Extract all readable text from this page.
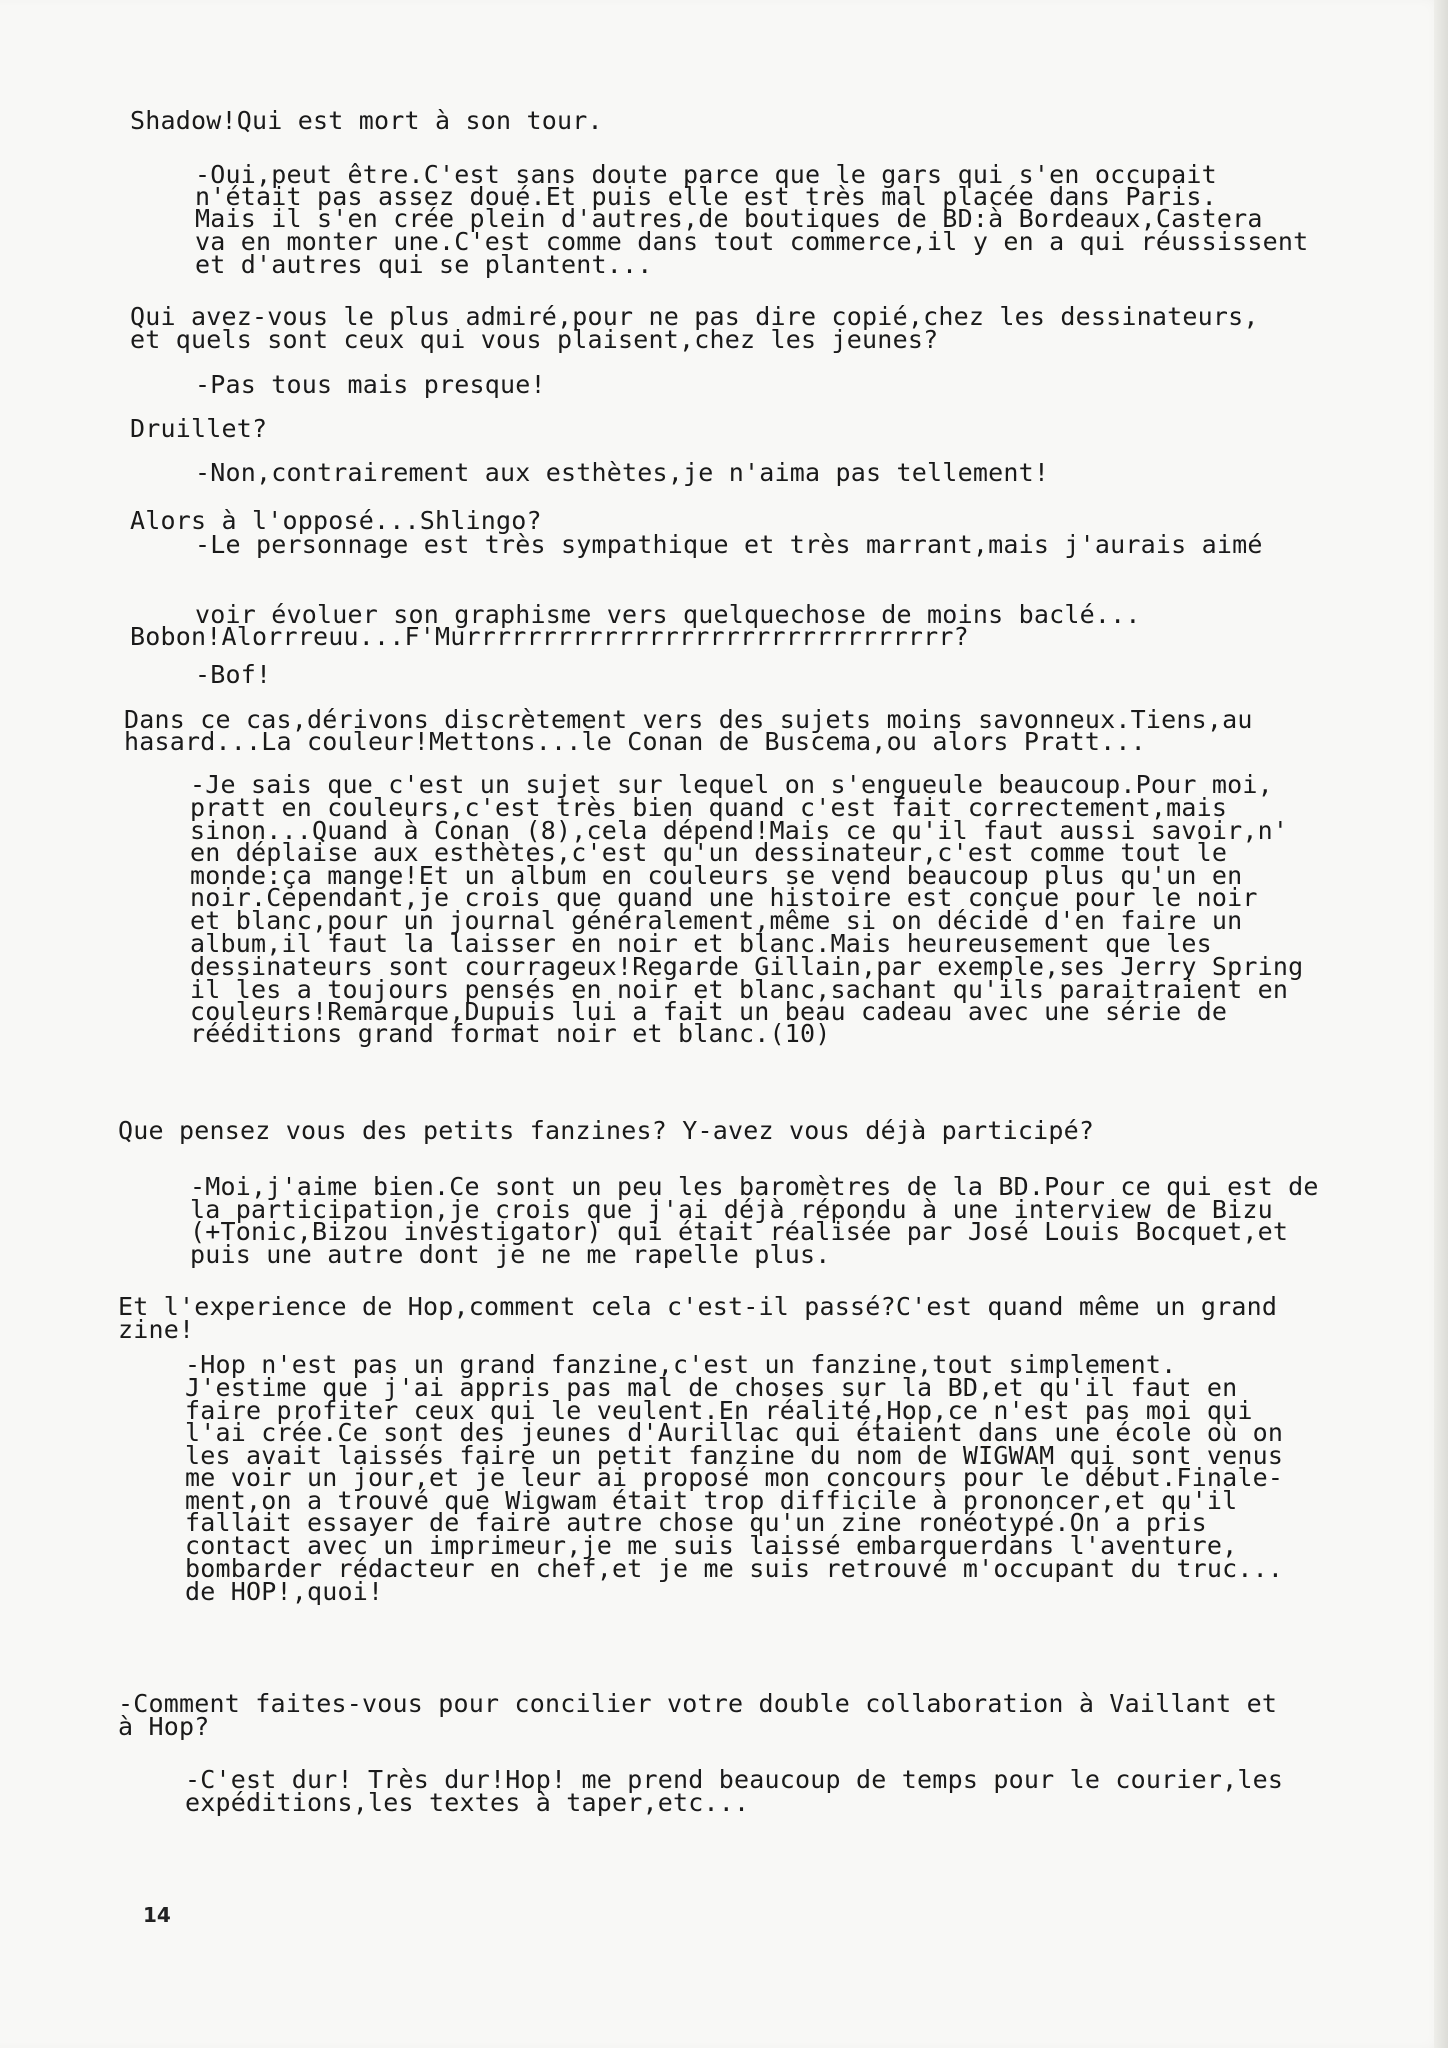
Shadow!Qui est mort à son tour.
-Oui,peut être.C'est sans doute parce que le gars qui s'en occupait
n'était pas assez doué.Et puis elle est très mal placée dans Paris.
Mais il s'en crée plein d'autres,de boutiques de BD:à Bordeaux,Castera
va en monter une.C'est comme dans tout commerce,il y en a qui réussissent
et d'autres qui se plantent...
Qui avez-vous le plus admiré,pour ne pas dire copié,chez les dessinateurs,
et quels sont ceux qui vous plaisent,chez les jeunes?
-Pas tous mais presque!
Druillet?
-Non,contrairement aux esthètes,je n'aima pas tellement!
Alors à l'opposé...Shlingo?
-Le personnage est très sympathique et très marrant,mais j'aurais aimé
voir évoluer son graphisme vers quelquechose de moins baclé...
Bobon!Alorrreuu...F'Murrrrrrrrrrrrrrrrrrrrrrrrrrrrrrrr?
-Bof!
Dans ce cas,dérivons discrètement vers des sujets moins savonneux.Tiens,au
hasard...La couleur!Mettons...le Conan de Buscema,ou alors Pratt...
-Je sais que c'est un sujet sur lequel on s'engueule beaucoup.Pour moi,
pratt en couleurs,c'est très bien quand c'est fait correctement,mais
sinon...Quand à Conan (8),cela dépend!Mais ce qu'il faut aussi savoir,n'
en déplaise aux esthètes,c'est qu'un dessinateur,c'est comme tout le
monde:ça mange!Et un album en couleurs se vend beaucoup plus qu'un en
noir.Cependant,je crois que quand une histoire est conçue pour le noir
et blanc,pour un journal généralement,même si on décide d'en faire un
album,il faut la laisser en noir et blanc.Mais heureusement que les
dessinateurs sont courrageux!Regarde Gillain,par exemple,ses Jerry Spring
il les a toujours pensés en noir et blanc,sachant qu'ils paraitraient en
couleurs!Remarque,Dupuis lui a fait un beau cadeau avec une série de
rééditions grand format noir et blanc.(10)
Que pensez vous des petits fanzines? Y-avez vous déjà participé?
-Moi,j'aime bien.Ce sont un peu les baromètres de la BD.Pour ce qui est de
la participation,je crois que j'ai déjà répondu à une interview de Bizu
(+Tonic,Bizou investigator) qui était réalisée par José Louis Bocquet,et
puis une autre dont je ne me rapelle plus.
Et l'experience de Hop,comment cela c'est-il passé?C'est quand même un grand
zine!
-Hop n'est pas un grand fanzine,c'est un fanzine,tout simplement.
J'estime que j'ai appris pas mal de choses sur la BD,et qu'il faut en
faire profiter ceux qui le veulent.En réalité,Hop,ce n'est pas moi qui
l'ai crée.Ce sont des jeunes d'Aurillac qui étaient dans une école où on
les avait laissés faire un petit fanzine du nom de WIGWAM qui sont venus
me voir un jour,et je leur ai proposé mon concours pour le début.Finale-
ment,on a trouvé que Wigwam était trop difficile à prononcer,et qu'il
fallait essayer de faire autre chose qu'un zine ronéotypé.On a pris
contact avec un imprimeur,je me suis laissé embarquerdans l'aventure,
bombarder rédacteur en chef,et je me suis retrouvé m'occupant du truc...
de HOP!,quoi!
-Comment faites-vous pour concilier votre double collaboration à Vaillant et
à Hop?
-C'est dur! Très dur!Hop! me prend beaucoup de temps pour le courier,les
expéditions,les textes à taper,etc...
14
